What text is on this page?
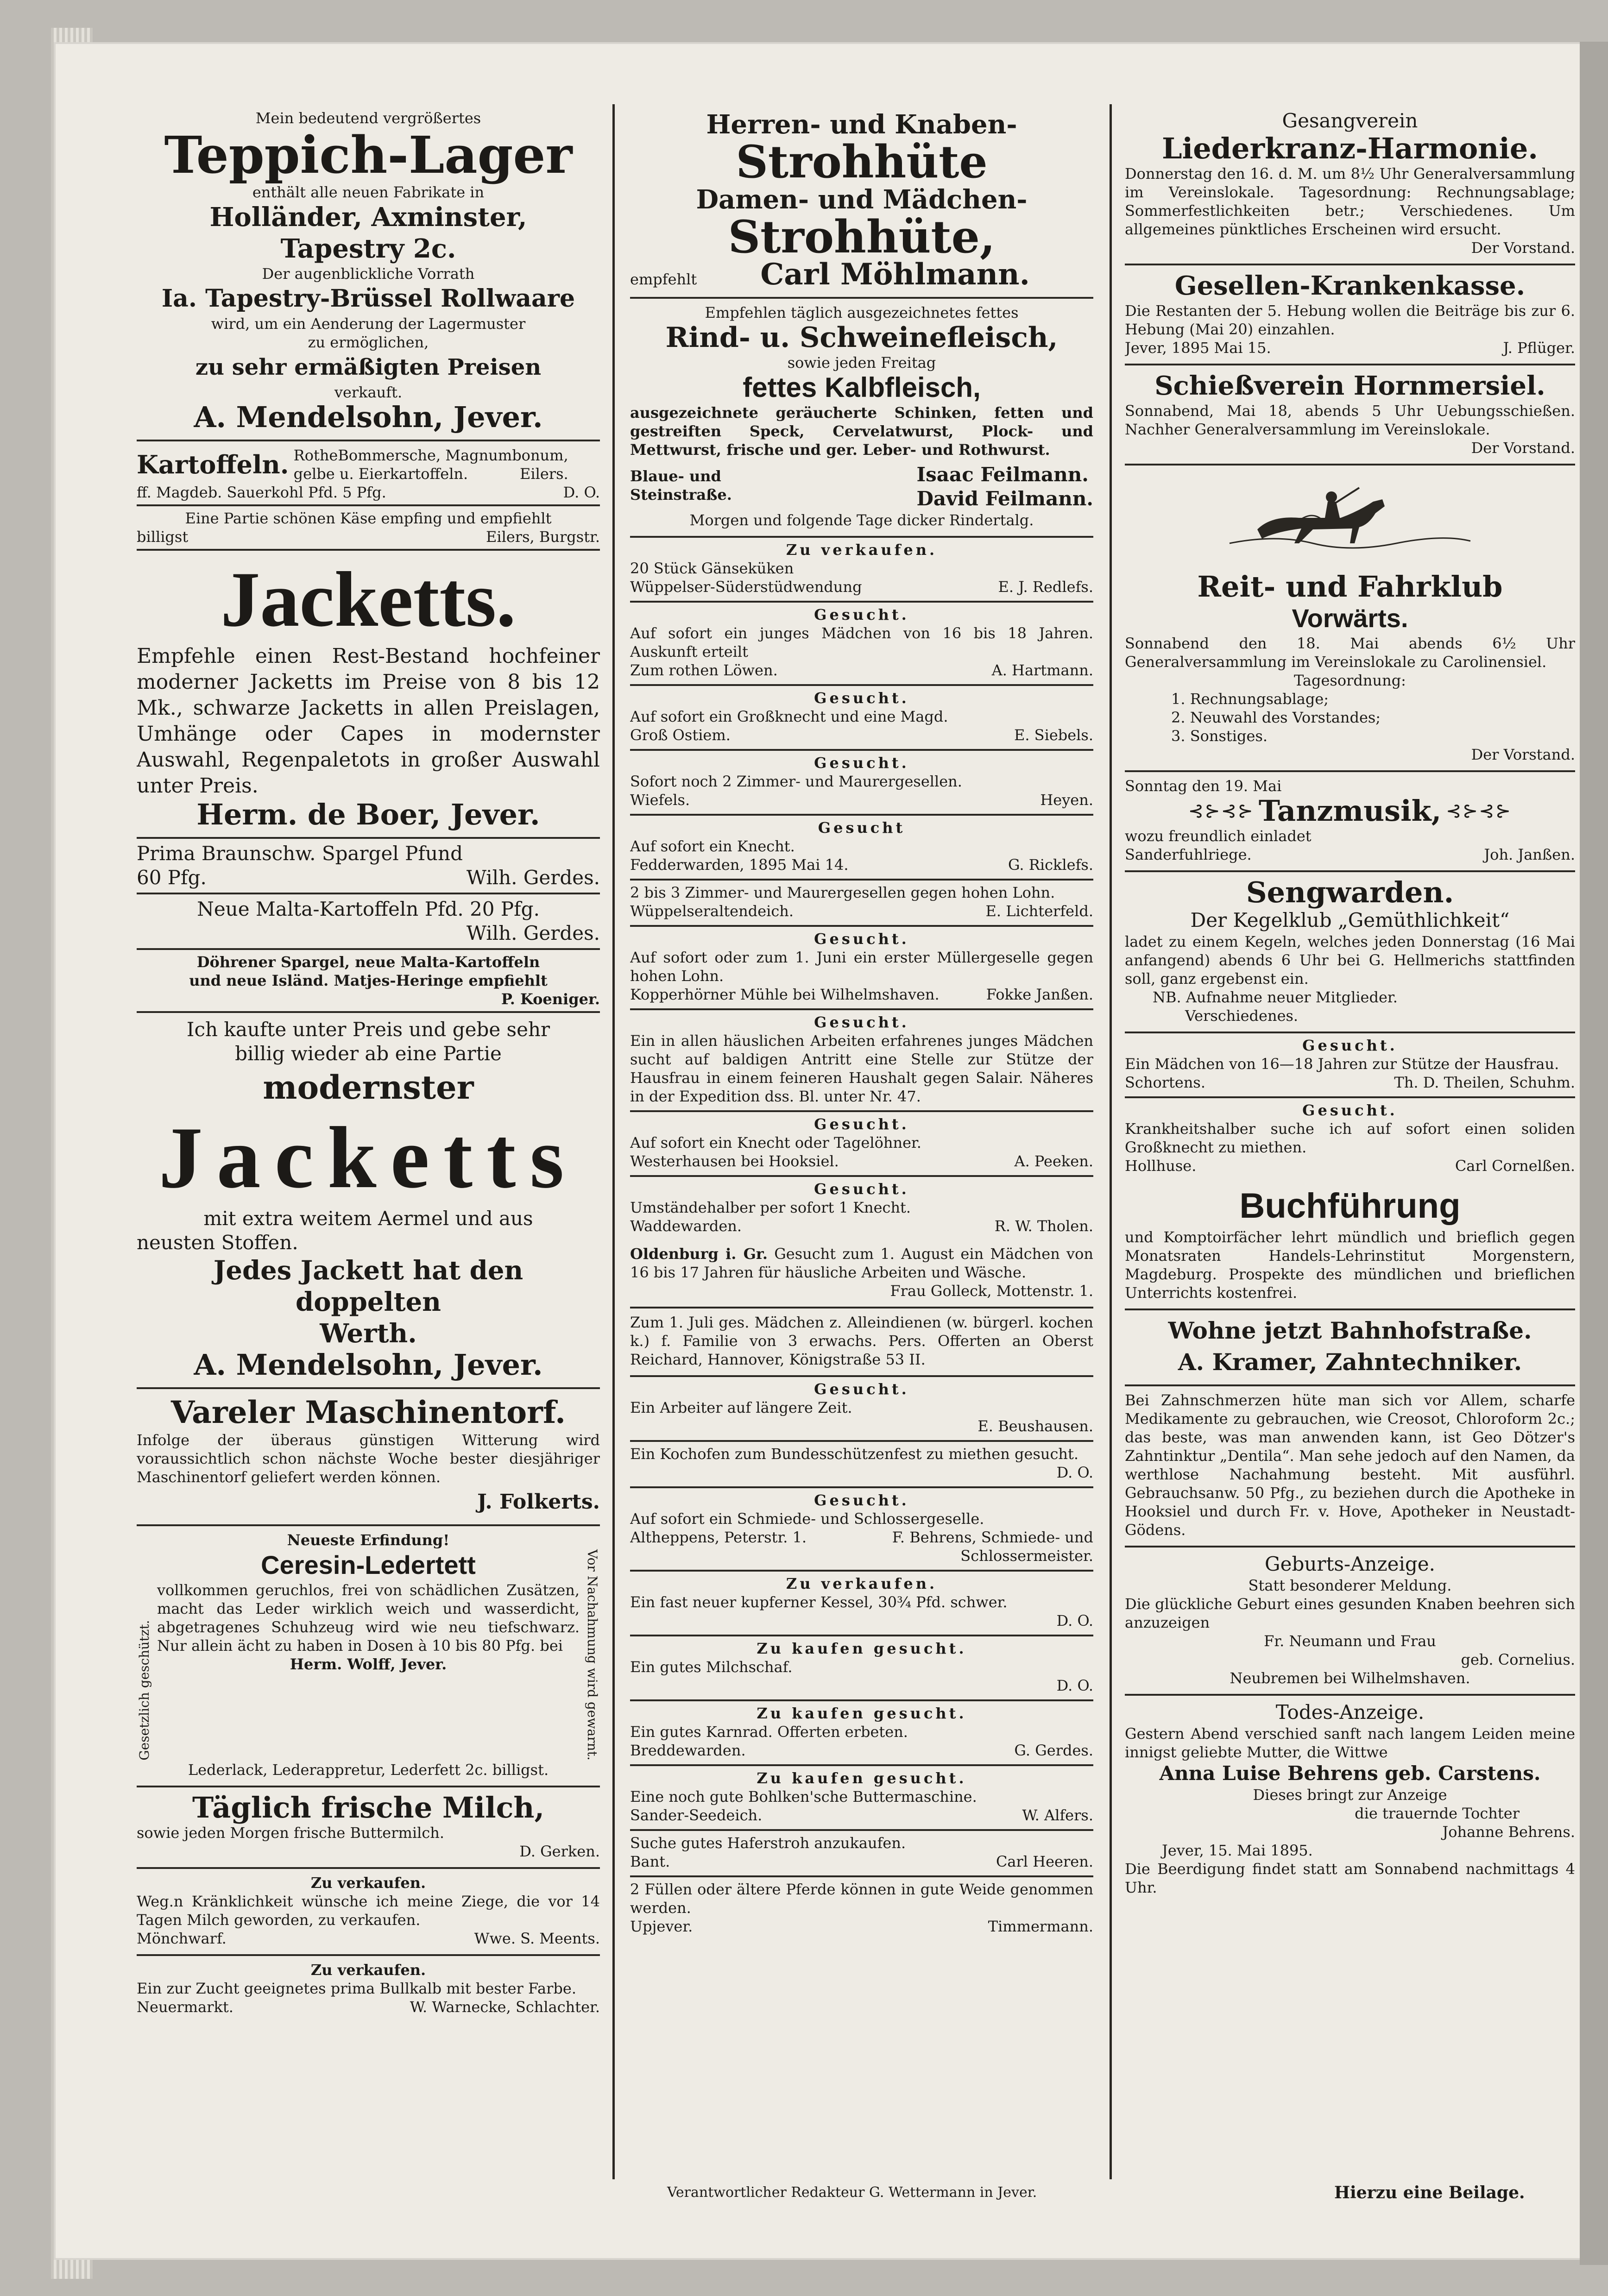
Mein bedeutend vergrößertes

Teppich-Lager

enthält alle neuen Fabrikate in

Holländer, Axminster,

Tapestry 2c.

Der augenblickliche Vorrath

Ia. Tapestry-Brüssel Rollwaare

wird, um ein Aenderung der Lagermuster

zu ermöglichen,

zu sehr ermäßigten Preisen

verkauft.

A. Mendelsohn, Jever.

Kartoffeln. RotheBommersche, Magnumbonum,

gelbe u. Eierkartoffeln.	Eilers.
ff. Magdeb. Sauerkohl Pfd. 5 Pfg.	D. O.

Eine Partie schönen Käse empfing und empfiehlt

billigst	Eilers, Burgstr.

Jacketts.

Empfehle einen Rest-Bestand hochfeiner moderner Jacketts im Preise von 8 bis 12 Mk., schwarze Jacketts in allen Preislagen, Umhänge oder Capes in modernster Auswahl, Regenpaletots in großer Auswahl unter Preis.

Herm. de Boer, Jever.

Prima Braunschw. Spargel Pfund

60 Pfg.	Wilh. Gerdes.

Neue Malta-Kartoffeln Pfd. 20 Pfg.

Wilh. Gerdes.

Döhrener Spargel, neue Malta-Kartoffeln

und neue Isländ. Matjes-Heringe empfiehlt

P. Koeniger.

Ich kaufte unter Preis und gebe sehr

billig wieder ab eine Partie

modernster

Jacketts

mit extra weitem Aermel und aus

neusten Stoffen.

Jedes Jackett hat den doppelten

Werth.

A. Mendelsohn, Jever.

Vareler Maschinentorf.

Infolge der überaus günstigen Witterung wird voraussichtlich schon nächste Woche bester diesjähriger Maschinentorf geliefert werden können.

J. Folkerts.

Neueste Erfindung!

Gesetzlich geschützt.

Ceresin-Ledertett

vollkommen geruchlos, frei von schädlichen Zusätzen, macht das Leder wirklich weich und wasserdicht, abgetragenes Schuhzeug wird wie neu tiefschwarz. Nur allein ächt zu haben in Dosen à 10 bis 80 Pfg. bei

Herm. Wolff, Jever.	Vor Nachahmung wird gewarnt.

Lederlack, Lederappretur, Lederfett 2c. billigst.

Täglich frische Milch,

sowie jeden Morgen frische Buttermilch.

D. Gerken.

Zu verkaufen.

Weg.n Kränklichkeit wünsche ich meine Ziege, die vor 14 Tagen Milch geworden, zu verkaufen.

Mönchwarf.	Wwe. S. Meents.

Zu verkaufen.

Ein zur Zucht geeignetes prima Bullkalb mit bester Farbe.

Neuermarkt.	W. Warnecke, Schlachter.

Herren- und Knaben-

Strohhüte

Damen- und Mädchen-

Strohhüte,

empfehlt Carl Möhlmann.

Empfehlen täglich ausgezeichnetes fettes

Rind- u. Schweinefleisch,

sowie jeden Freitag

fettes Kalbfleisch,

ausgezeichnete geräucherte Schinken, fetten und gestreiften Speck, Cervelatwurst, Plock- und Mettwurst, frische und ger. Leber- und Rothwurst.

Blaue- und

Steinstraße.

Isaac Feilmann.

David Feilmann.

Morgen und folgende Tage dicker Rindertalg.

Zu verkaufen.

20 Stück Gänseküken

Wüppelser-Süderstüdwendung	E. J. Redlefs.

Gesucht.

Auf sofort ein junges Mädchen von 16 bis 18 Jahren. Auskunft erteilt

Zum rothen Löwen.	A. Hartmann.

Gesucht.

Auf sofort ein Großknecht und eine Magd.

Groß Ostiem.	E. Siebels.

Gesucht.

Sofort noch 2 Zimmer- und Maurergesellen.

Wiefels.	Heyen.

Gesucht

Auf sofort ein Knecht.

Fedderwarden, 1895 Mai 14.	G. Ricklefs.

2 bis 3 Zimmer- und Maurergesellen gegen hohen Lohn.

Wüppelseraltendeich.	E. Lichterfeld.

Gesucht.

Auf sofort oder zum 1. Juni ein erster Müllergeselle gegen hohen Lohn.

Kopperhörner Mühle bei Wilhelmshaven.	Fokke Janßen.

Gesucht.

Ein in allen häuslichen Arbeiten erfahrenes junges Mädchen sucht auf baldigen Antritt eine Stelle zur Stütze der Hausfrau in einem feineren Haushalt gegen Salair. Näheres in der Expedition dss. Bl. unter Nr. 47.

Gesucht.

Auf sofort ein Knecht oder Tagelöhner.

Westerhausen bei Hooksiel.	A. Peeken.

Gesucht.

Umständehalber per sofort 1 Knecht.

Waddewarden.	R. W. Tholen.

Oldenburg i. Gr. Gesucht zum 1. August ein Mädchen von 16 bis 17 Jahren für häusliche Arbeiten und Wäsche.

Frau Golleck, Mottenstr. 1.

Zum 1. Juli ges. Mädchen z. Alleindienen (w. bürgerl. kochen k.) f. Familie von 3 erwachs. Pers. Offerten an Oberst Reichard, Hannover, Königstraße 53 II.

Gesucht.

Ein Arbeiter auf längere Zeit.

E. Beushausen.

Ein Kochofen zum Bundesschützenfest zu miethen gesucht.

D. O.

Gesucht.

Auf sofort ein Schmiede- und Schlossergeselle.

Altheppens, Peterstr. 1.	F. Behrens, Schmiede- und Schlossermeister.

Zu verkaufen.

Ein fast neuer kupferner Kessel, 30¾ Pfd. schwer.

D. O.

Zu kaufen gesucht.

Ein gutes Milchschaf.

D. O.

Zu kaufen gesucht.

Ein gutes Karnrad. Offerten erbeten.

Breddewarden.	G. Gerdes.

Zu kaufen gesucht.

Eine noch gute Bohlken'sche Buttermaschine.

Sander-Seedeich.	W. Alfers.

Suche gutes Haferstroh anzukaufen.

Bant.	Carl Heeren.

2 Füllen oder ältere Pferde können in gute Weide genommen werden.

Upjever.	Timmermann.

Gesangverein

Liederkranz-Harmonie.

Donnerstag den 16. d. M. um 8½ Uhr Generalversammlung im Vereinslokale. Tagesordnung: Rechnungsablage; Sommerfestlichkeiten betr.; Verschiedenes. Um allgemeines pünktliches Erscheinen wird ersucht.

Der Vorstand.

Gesellen-Krankenkasse.

Die Restanten der 5. Hebung wollen die Beiträge bis zur 6. Hebung (Mai 20) einzahlen.

Jever, 1895 Mai 15.	J. Pflüger.

Schießverein Hornmersiel.

Sonnabend, Mai 18, abends 5 Uhr Uebungsschießen. Nachher Generalversammlung im Vereinslokale.

Der Vorstand.

Reit- und Fahrklub

Vorwärts.

Sonnabend den 18. Mai abends 6½ Uhr Generalversammlung im Vereinslokale zu Carolinensiel.

Tagesordnung:

1. Rechnungsablage;

2. Neuwahl des Vorstandes;

3. Sonstiges.

Der Vorstand.

Sonntag den 19. Mai

⊰⊱⊰⊱ Tanzmusik, ⊰⊱⊰⊱

wozu freundlich einladet

Sanderfuhlriege.	Joh. Janßen.

Sengwarden.

Der Kegelklub „Gemüthlichkeit“

ladet zu einem Kegeln, welches jeden Donnerstag (16 Mai anfangend) abends 6 Uhr bei G. Hellmerichs stattfinden soll, ganz ergebenst ein.

NB. Aufnahme neuer Mitglieder.

Verschiedenes.

Gesucht.

Ein Mädchen von 16—18 Jahren zur Stütze der Hausfrau.

Schortens.	Th. D. Theilen, Schuhm.

Gesucht.

Krankheitshalber suche ich auf sofort einen soliden Großknecht zu miethen.

Hollhuse.	Carl Cornelßen.

Buchführung

und Komptoirfächer lehrt mündlich und brieflich gegen Monatsraten Handels-Lehrinstitut Morgenstern, Magdeburg. Prospekte des mündlichen und brieflichen Unterrichts kostenfrei.

Wohne jetzt Bahnhofstraße.

A. Kramer, Zahntechniker.

Bei Zahnschmerzen hüte man sich vor Allem, scharfe Medikamente zu gebrauchen, wie Creosot, Chloroform 2c.; das beste, was man anwenden kann, ist Geo Dötzer's Zahntinktur „Dentila“. Man sehe jedoch auf den Namen, da werthlose Nachahmung besteht. Mit ausführl. Gebrauchsanw. 50 Pfg., zu beziehen durch die Apotheke in Hooksiel und durch Fr. v. Hove, Apotheker in Neustadt-Gödens.

Geburts-Anzeige.

Statt besonderer Meldung.

Die glückliche Geburt eines gesunden Knaben beehren sich anzuzeigen

Fr. Neumann und Frau

geb. Cornelius.

Neubremen bei Wilhelmshaven.

Todes-Anzeige.

Gestern Abend verschied sanft nach langem Leiden meine innigst geliebte Mutter, die Wittwe

Anna Luise Behrens geb. Carstens.

Dieses bringt zur Anzeige

die trauernde Tochter

Johanne Behrens.

Jever, 15. Mai 1895.

Die Beerdigung findet statt am Sonnabend nachmittags 4 Uhr.

Verantwortlicher Redakteur G. Wettermann in Jever.	Hierzu eine Beilage.
